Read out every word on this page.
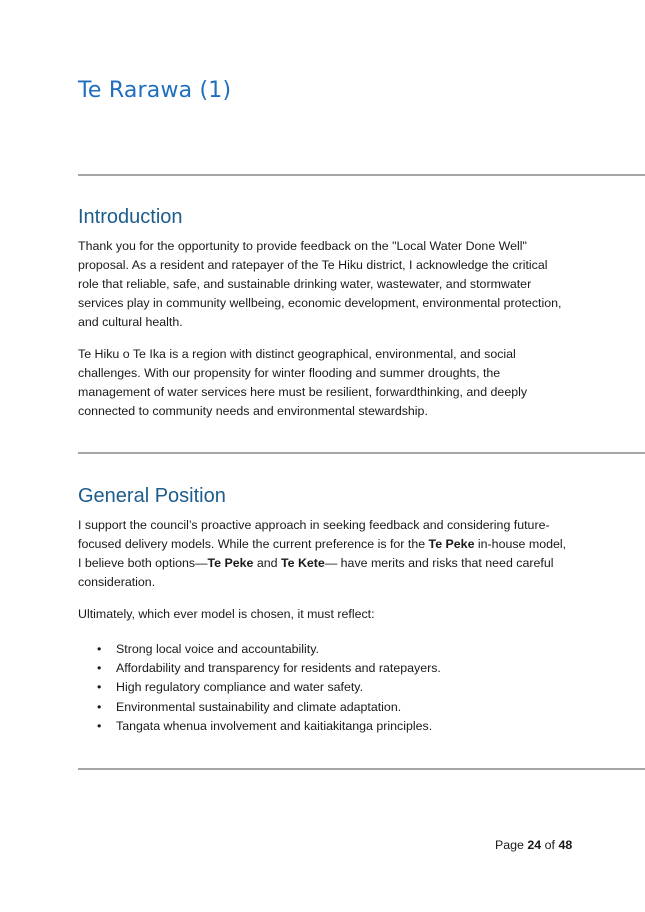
Te Rarawa (1)
Introduction

Thank you for the opportunity to provide feedback on the "Local Water Done Well" proposal. As a resident and ratepayer of the Te Hiku district, I acknowledge the critical role that reliable, safe, and sustainable drinking water, wastewater, and stormwater services play in community wellbeing, economic development, environmental protection, and cultural health.

Te Hiku o Te Ika is a region with distinct geographical, environmental, and social challenges. With our propensity for winter flooding and summer droughts, the management of water services here must be resilient, forwardthinking, and deeply connected to community needs and environmental stewardship.

General Position

I support the council’s proactive approach in seeking feedback and considering future-focused delivery models. While the current preference is for the Te Peke in-house model, I believe both options—Te Peke and Te Kete— have merits and risks that need careful consideration.

Ultimately, which ever model is chosen, it must reflect:

• Strong local voice and accountability.
• Affordability and transparency for residents and ratepayers.
• High regulatory compliance and water safety.
• Environmental sustainability and climate adaptation.
• Tangata whenua involvement and kaitiakitanga principles.
Page 24 of 48
